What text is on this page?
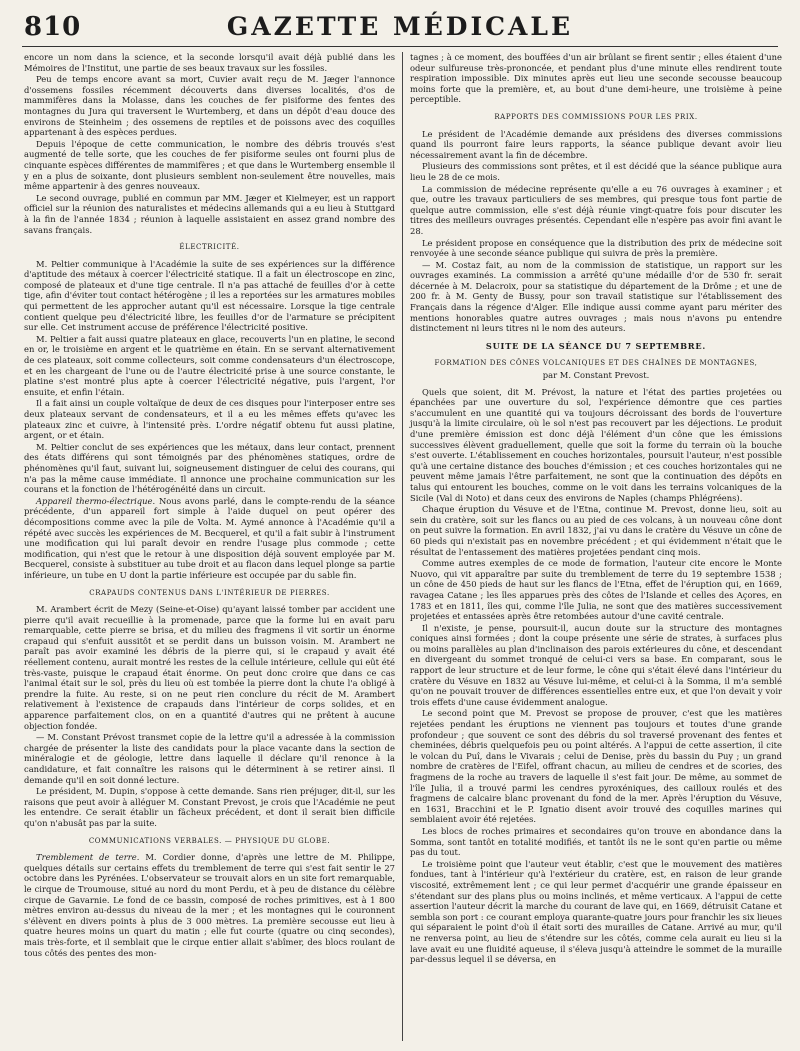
810	GAZETTE MÉDICALE

encore un nom dans la science, et la seconde lorsqu'il avait déjà publié dans les Mémoires de l'Institut, une partie de ses beaux travaux sur les fossiles.

Peu de temps encore avant sa mort, Cuvier avait reçu de M. Jæger l'annonce d'ossemens fossiles récemment découverts dans diverses localités, d'os de mammifères dans la Molasse, dans les couches de fer pisiforme des fentes des montagnes du Jura qui traversent le Wurtemberg, et dans un dépôt d'eau douce des environs de Steinheim ; des ossemens de reptiles et de poissons avec des coquilles appartenant à des espèces perdues.

Depuis l'époque de cette communication, le nombre des débris trouvés s'est augmenté de telle sorte, que les couches de fer pisiforme seules ont fourni plus de cinquante espèces différentes de mammifères ; et que dans le Wurtemberg ensemble il y en a plus de soixante, dont plusieurs semblent non-seulement être nouvelles, mais même appartenir à des genres nouveaux.

Le second ouvrage, publié en commun par MM. Jæger et Kielmeyer, est un rapport officiel sur la réunion des naturalistes et médecins allemands qui a eu lieu à Stuttgard à la fin de l'année 1834 ; réunion à laquelle assistaient en assez grand nombre des savans français.

ÉLECTRICITÉ.

M. Peltier communique à l'Académie la suite de ses expériences sur la différence d'aptitude des métaux à coercer l'électricité statique. Il a fait un électroscope en zinc, composé de plateaux et d'une tige centrale. Il n'a pas attaché de feuilles d'or à cette tige, afin d'éviter tout contact hétérogène ; il les a reportées sur les armatures mobiles qui permettent de les approcher autant qu'il est nécessaire. Lorsque la tige centrale contient quelque peu d'électricité libre, les feuilles d'or de l'armature se précipitent sur elle. Cet instrument accuse de préférence l'électricité positive.

M. Peltier a fait aussi quatre plateaux en glace, recouverts l'un en platine, le second en or, le troisième en argent et le quatrième en étain. En se servant alternativement de ces plateaux, soit comme collecteurs, soit comme condensateurs d'un électroscope, et en les chargeant de l'une ou de l'autre électricité prise à une source constante, le platine s'est montré plus apte à coercer l'électricité négative, puis l'argent, l'or ensuite, et enfin l'étain.

Il a fait ainsi un couple voltaïque de deux de ces disques pour l'interposer entre ses deux plateaux servant de condensateurs, et il a eu les mêmes effets qu'avec les plateaux zinc et cuivre, à l'intensité près. L'ordre négatif obtenu fut aussi platine, argent, or et étain.

M. Peltier conclut de ses expériences que les métaux, dans leur contact, prennent des états différens qui sont témoignés par des phénomènes statiques, ordre de phénomènes qu'il faut, suivant lui, soigneusement distinguer de celui des courans, qui n'a pas la même cause immédiate. Il annonce une prochaine communication sur les courans et la fonction de l'hétérogénéité dans un circuit.

Appareil thermo-électrique. Nous avons parlé, dans le compte-rendu de la séance précédente, d'un appareil fort simple à l'aide duquel on peut opérer des décompositions comme avec la pile de Volta. M. Aymé annonce à l'Académie qu'il a répété avec succès les expériences de M. Becquerel, et qu'il a fait subir à l'instrument une modification qui lui paraît devoir en rendre l'usage plus commode ; cette modification, qui n'est que le retour à une disposition déjà souvent employée par M. Becquerel, consiste à substituer au tube droit et au flacon dans lequel plonge sa partie inférieure, un tube en U dont la partie inférieure est occupée par du sable fin.

CRAPAUDS CONTENUS DANS L'INTÉRIEUR DE PIERRES.

M. Arambert écrit de Mezy (Seine-et-Oise) qu'ayant laissé tomber par accident une pierre qu'il avait recueillie à la promenade, parce que la forme lui en avait paru remarquable, cette pierre se brisa, et du milieu des fragmens il vit sortir un énorme crapaud qui s'enfuit aussitôt et se perdit dans un buisson voisin. M. Arambert ne paraît pas avoir examiné les débris de la pierre qui, si le crapaud y avait été réellement contenu, aurait montré les restes de la cellule intérieure, cellule qui eût été très-vaste, puisque le crapaud était énorme. On peut donc croire que dans ce cas l'animal était sur le sol, près du lieu où est tombée la pierre dont la chute l'a obligé à prendre la fuite. Au reste, si on ne peut rien conclure du récit de M. Arambert relativement à l'existence de crapauds dans l'intérieur de corps solides, et en apparence parfaitement clos, on en a quantité d'autres qui ne prêtent à aucune objection fondée.

— M. Constant Prévost transmet copie de la lettre qu'il a adressée à la commission chargée de présenter la liste des candidats pour la place vacante dans la section de minéralogie et de géologie, lettre dans laquelle il déclare qu'il renonce à la candidature, et fait connaître les raisons qui le déterminent à se retirer ainsi. Il demande qu'il en soit donné lecture.

Le président, M. Dupin, s'oppose à cette demande. Sans rien préjuger, dit-il, sur les raisons que peut avoir à alléguer M. Constant Prevost, je crois que l'Académie ne peut les entendre. Ce serait établir un fâcheux précédent, et dont il serait bien difficile qu'on n'abusât pas par la suite.

COMMUNICATIONS VERBALES. — PHYSIQUE DU GLOBE.

Tremblement de terre. M. Cordier donne, d'après une lettre de M. Philippe, quelques détails sur certains effets du tremblement de terre qui s'est fait sentir le 27 octobre dans les Pyrénées. L'observateur se trouvait alors en un site fort remarquable, le cirque de Troumouse, situé au nord du mont Perdu, et à peu de distance du célèbre cirque de Gavarnie. Le fond de ce bassin, composé de roches primitives, est à 1 800 mètres environ au-dessus du niveau de la mer ; et les montagnes qui le couronnent s'élèvent en divers points à plus de 3 000 mètres. La première secousse eut lieu à quatre heures moins un quart du matin ; elle fut courte (quatre ou cinq secondes), mais très-forte, et il semblait que le cirque entier allait s'abîmer, des blocs roulant de tous côtés des pentes des mon-

tagnes ; à ce moment, des bouffées d'un air brûlant se firent sentir ; elles étaient d'une odeur sulfureuse très-prononcée, et pendant plus d'une minute elles rendirent toute respiration impossible. Dix minutes après eut lieu une seconde secousse beaucoup moins forte que la première, et, au bout d'une demi-heure, une troisième à peine perceptible.

RAPPORTS DES COMMISSIONS POUR LES PRIX.

Le président de l'Académie demande aux présidens des diverses commissions quand ils pourront faire leurs rapports, la séance publique devant avoir lieu nécessairement avant la fin de décembre.

Plusieurs des commissions sont prêtes, et il est décidé que la séance publique aura lieu le 28 de ce mois.

La commission de médecine représente qu'elle a eu 76 ouvrages à examiner ; et que, outre les travaux particuliers de ses membres, qui presque tous font partie de quelque autre commission, elle s'est déjà réunie vingt-quatre fois pour discuter les titres des meilleurs ouvrages présentés. Cependant elle n'espère pas avoir fini avant le 28.

Le président propose en conséquence que la distribution des prix de médecine soit renvoyée à une seconde séance publique qui suivra de près la première.

— M. Costaz fait, au nom de la commission de statistique, un rapport sur les ouvrages examinés. La commission a arrêté qu'une médaille d'or de 530 fr. serait décernée à M. Delacroix, pour sa statistique du département de la Drôme ; et une de 200 fr. à M. Genty de Bussy, pour son travail statistique sur l'établissement des Français dans la régence d'Alger. Elle indique aussi comme ayant paru mériter des mentions honorables quatre autres ouvrages ; mais nous n'avons pu entendre distinctement ni leurs titres ni le nom des auteurs.

SUITE DE LA SÉANCE DU 7 SEPTEMBRE.
FORMATION DES CÔNES VOLCANIQUES ET DES CHAÎNES DE MONTAGNES,
par M. Constant Prevost.

Quels que soient, dit M. Prévost, la nature et l'état des parties projetées ou épanchées par une ouverture du sol, l'expérience démontre que ces parties s'accumulent en une quantité qui va toujours décroissant des bords de l'ouverture jusqu'à la limite circulaire, où le sol n'est pas recouvert par les déjections. Le produit d'une première émission est donc déjà l'élément d'un cône que les émissions successives élèvent graduellement, quelle que soit la forme du terrain où la bouche s'est ouverte. L'établissement en couches horizontales, poursuit l'auteur, n'est possible qu'à une certaine distance des bouches d'émission ; et ces couches horizontales qui ne peuvent même jamais l'être parfaitement, ne sont que la continuation des dépôts en talus qui entourent les bouches, comme on le voit dans les terrains volcaniques de la Sicile (Val di Noto) et dans ceux des environs de Naples (champs Phlégréens).

Chaque éruption du Vésuve et de l'Etna, continue M. Prevost, donne lieu, soit au sein du cratère, soit sur les flancs ou au pied de ces volcans, à un nouveau cône dont on peut suivre la formation. En avril 1832, j'ai vu dans le cratère du Vésuve un cône de 60 pieds qui n'existait pas en novembre précédent ; et qui évidemment n'était que le résultat de l'entassement des matières projetées pendant cinq mois.

Comme autres exemples de ce mode de formation, l'auteur cite encore le Monte Nuovo, qui vit apparaître par suite du tremblement de terre du 19 septembre 1538 ; un cône de 450 pieds de haut sur les flancs de l'Etna, effet de l'éruption qui, en 1669, ravagea Catane ; les îles apparues près des côtes de l'Islande et celles des Açores, en 1783 et en 1811, îles qui, comme l'île Julia, ne sont que des matières successivement projetées et entassées après être retombées autour d'une cavité centrale.

Il n'existe, je pense, poursuit-il, aucun doute sur la structure des montagnes coniques ainsi formées ; dont la coupe présente une série de strates, à surfaces plus ou moins parallèles au plan d'inclinaison des parois extérieures du cône, et descendant en divergeant du sommet tronqué de celui-ci vers sa base. En comparant, sous le rapport de leur structure et de leur forme, le cône qui s'était élevé dans l'intérieur du cratère du Vésuve en 1832 au Vésuve lui-même, et celui-ci à la Somma, il m'a semblé qu'on ne pouvait trouver de différences essentielles entre eux, et que l'on devait y voir trois effets d'une cause évidemment analogue.

Le second point que M. Prevost se propose de prouver, c'est que les matières rejetées pendant les éruptions ne viennent pas toujours et toutes d'une grande profondeur ; que souvent ce sont des débris du sol traversé provenant des fentes et cheminées, débris quelquefois peu ou point altérés. A l'appui de cette assertion, il cite le volcan du Puî, dans le Vivarais ; celui de Denise, près du bassin du Puy ; un grand nombre de cratères de l'Eifel, offrant chacun, au milieu de cendres et de scories, des fragmens de la roche au travers de laquelle il s'est fait jour. De même, au sommet de l'île Julia, il a trouvé parmi les cendres pyroxéniques, des cailloux roulés et des fragmens de calcaire blanc provenant du fond de la mer. Après l'éruption du Vésuve, en 1631, Bracchini et le P. Ignatio disent avoir trouvé des coquilles marines qui semblaient avoir été rejetées.

Les blocs de roches primaires et secondaires qu'on trouve en abondance dans la Somma, sont tantôt en totalité modifiés, et tantôt ils ne le sont qu'en partie ou même pas du tout.

Le troisième point que l'auteur veut établir, c'est que le mouvement des matières fondues, tant à l'intérieur qu'à l'extérieur du cratère, est, en raison de leur grande viscosité, extrêmement lent ; ce qui leur permet d'acquérir une grande épaisseur en s'étendant sur des plans plus ou moins inclinés, et même verticaux. A l'appui de cette assertion l'auteur décrit la marche du courant de lave qui, en 1669, détruisit Catane et sembla son port : ce courant employa quarante-quatre jours pour franchir les six lieues qui séparaient le point d'où il était sorti des murailles de Catane. Arrivé au mur, qu'il ne renversa point, au lieu de s'étendre sur les côtés, comme cela aurait eu lieu si la lave avait eu une fluidité aqueuse, il s'éleva jusqu'à atteindre le sommet de la muraille par-dessus lequel il se déversa, en
